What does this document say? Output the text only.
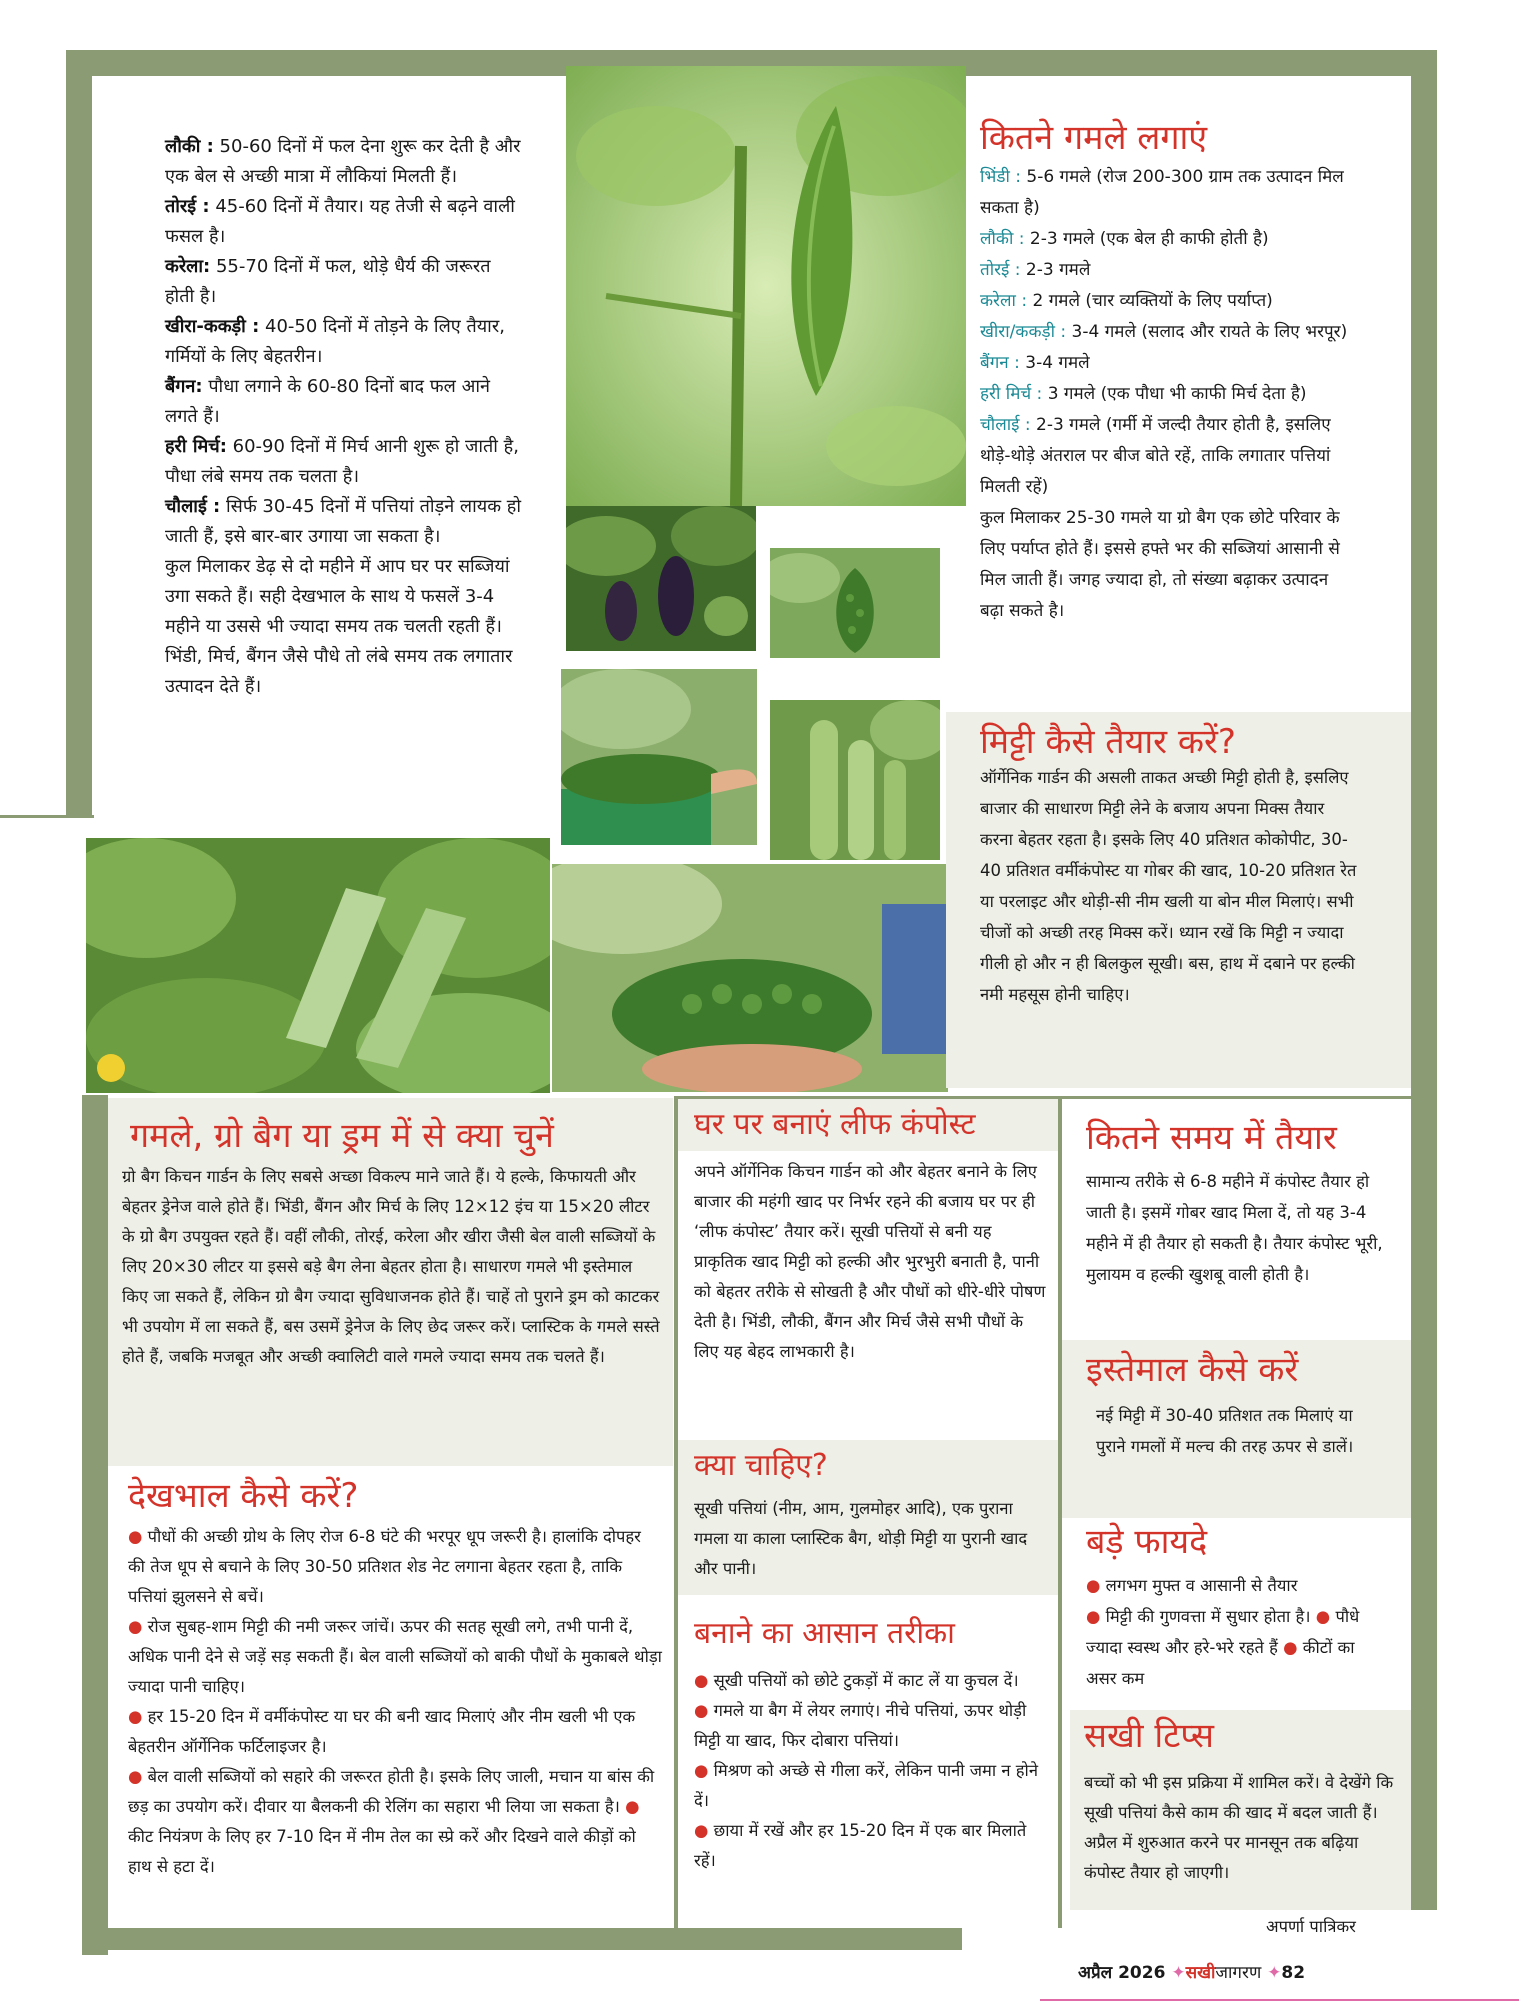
लौकी : 50-60 दिनों में फल देना शुरू कर देती है और एक बेल से अच्छी मात्रा में लौकियां मिलती हैं।

तोरई : 45-60 दिनों में तैयार। यह तेजी से बढ़ने वाली फसल है।

करेला: 55-70 दिनों में फल, थोड़े धैर्य की जरूरत होती है।

खीरा-ककड़ी : 40-50 दिनों में तोड़ने के लिए तैयार, गर्मियों के लिए बेहतरीन।

बैंगन: पौधा लगाने के 60-80 दिनों बाद फल आने लगते हैं।

हरी मिर्च: 60-90 दिनों में मिर्च आनी शुरू हो जाती है, पौधा लंबे समय तक चलता है।

चौलाई : सिर्फ 30-45 दिनों में पत्तियां तोड़ने लायक हो जाती हैं, इसे बार-बार उगाया जा सकता है।

कुल मिलाकर डेढ़ से दो महीने में आप घर पर सब्जियां उगा सकते हैं। सही देखभाल के साथ ये फसलें 3-4 महीने या उससे भी ज्यादा समय तक चलती रहती हैं। भिंडी, मिर्च, बैंगन जैसे पौधे तो लंबे समय तक लगातार उत्पादन देते हैं।

कितने गमले लगाएं

भिंडी : 5-6 गमले (रोज 200-300 ग्राम तक उत्पादन मिल सकता है)

लौकी : 2-3 गमले (एक बेल ही काफी होती है)

तोरई : 2-3 गमले

करेला : 2 गमले (चार व्यक्तियों के लिए पर्याप्त)

खीरा/ककड़ी : 3-4 गमले (सलाद और रायते के लिए भरपूर)

बैंगन : 3-4 गमले

हरी मिर्च : 3 गमले (एक पौधा भी काफी मिर्च देता है)

चौलाई : 2-3 गमले (गर्मी में जल्दी तैयार होती है, इसलिए थोड़े-थोड़े अंतराल पर बीज बोते रहें, ताकि लगातार पत्तियां मिलती रहें)

कुल मिलाकर 25-30 गमले या ग्रो बैग एक छोटे परिवार के लिए पर्याप्त होते हैं। इससे हफ्ते भर की सब्जियां आसानी से मिल जाती हैं। जगह ज्यादा हो, तो संख्या बढ़ाकर उत्पादन बढ़ा सकते है।

मिट्टी कैसे तैयार करें?

ऑर्गेनिक गार्डन की असली ताकत अच्छी मिट्टी होती है, इसलिए बाजार की साधारण मिट्टी लेने के बजाय अपना मिक्स तैयार करना बेहतर रहता है। इसके लिए 40 प्रतिशत कोकोपीट, 30-40 प्रतिशत वर्मीकंपोस्ट या गोबर की खाद, 10-20 प्रतिशत रेत या परलाइट और थोड़ी-सी नीम खली या बोन मील मिलाएं। सभी चीजों को अच्छी तरह मिक्स करें। ध्यान रखें कि मिट्टी न ज्यादा गीली हो और न ही बिलकुल सूखी। बस, हाथ में दबाने पर हल्की नमी महसूस होनी चाहिए।

गमले, ग्रो बैग या ड्रम में से क्या चुनें

ग्रो बैग किचन गार्डन के लिए सबसे अच्छा विकल्प माने जाते हैं। ये हल्के, किफायती और बेहतर ड्रेनेज वाले होते हैं। भिंडी, बैंगन और मिर्च के लिए 12×12 इंच या 15×20 लीटर के ग्रो बैग उपयुक्त रहते हैं। वहीं लौकी, तोरई, करेला और खीरा जैसी बेल वाली सब्जियों के लिए 20×30 लीटर या इससे बड़े बैग लेना बेहतर होता है। साधारण गमले भी इस्तेमाल किए जा सकते हैं, लेकिन ग्रो बैग ज्यादा सुविधाजनक होते हैं। चाहें तो पुराने ड्रम को काटकर भी उपयोग में ला सकते हैं, बस उसमें ड्रेनेज के लिए छेद जरूर करें। प्लास्टिक के गमले सस्ते होते हैं, जबकि मजबूत और अच्छी क्वालिटी वाले गमले ज्यादा समय तक चलते हैं।

देखभाल कैसे करें?

● पौधों की अच्छी ग्रोथ के लिए रोज 6-8 घंटे की भरपूर धूप जरूरी है। हालांकि दोपहर की तेज धूप से बचाने के लिए 30-50 प्रतिशत शेड नेट लगाना बेहतर रहता है, ताकि पत्तियां झुलसने से बचें।

● रोज सुबह-शाम मिट्टी की नमी जरूर जांचें। ऊपर की सतह सूखी लगे, तभी पानी दें, अधिक पानी देने से जड़ें सड़ सकती हैं। बेल वाली सब्जियों को बाकी पौधों के मुकाबले थोड़ा ज्यादा पानी चाहिए।

● हर 15-20 दिन में वर्मीकंपोस्ट या घर की बनी खाद मिलाएं और नीम खली भी एक बेहतरीन ऑर्गेनिक फर्टिलाइजर है।

● बेल वाली सब्जियों को सहारे की जरूरत होती है। इसके लिए जाली, मचान या बांस की छड़ का उपयोग करें। दीवार या बैलकनी की रेलिंग का सहारा भी लिया जा सकता है। ● कीट नियंत्रण के लिए हर 7-10 दिन में नीम तेल का स्प्रे करें और दिखने वाले कीड़ों को हाथ से हटा दें।

घर पर बनाएं लीफ कंपोस्ट

अपने ऑर्गेनिक किचन गार्डन को और बेहतर बनाने के लिए बाजार की महंगी खाद पर निर्भर रहने की बजाय घर पर ही ‘लीफ कंपोस्ट’ तैयार करें। सूखी पत्तियों से बनी यह प्राकृतिक खाद मिट्टी को हल्की और भुरभुरी बनाती है, पानी को बेहतर तरीके से सोखती है और पौधों को धीरे-धीरे पोषण देती है। भिंडी, लौकी, बैंगन और मिर्च जैसे सभी पौधों के लिए यह बेहद लाभकारी है।

क्या चाहिए?

सूखी पत्तियां (नीम, आम, गुलमोहर आदि), एक पुराना गमला या काला प्लास्टिक बैग, थोड़ी मिट्टी या पुरानी खाद और पानी।

बनाने का आसान तरीका

● सूखी पत्तियों को छोटे टुकड़ों में काट लें या कुचल दें।

● गमले या बैग में लेयर लगाएं। नीचे पत्तियां, ऊपर थोड़ी मिट्टी या खाद, फिर दोबारा पत्तियां।

● मिश्रण को अच्छे से गीला करें, लेकिन पानी जमा न होने दें।

● छाया में रखें और हर 15-20 दिन में एक बार मिलाते रहें।

कितने समय में तैयार

सामान्य तरीके से 6-8 महीने में कंपोस्ट तैयार हो जाती है। इसमें गोबर खाद मिला दें, तो यह 3-4 महीने में ही तैयार हो सकती है। तैयार कंपोस्ट भूरी, मुलायम व हल्की खुशबू वाली होती है।

इस्तेमाल कैसे करें

नई मिट्टी में 30-40 प्रतिशत तक मिलाएं या पुराने गमलों में मल्च की तरह ऊपर से डालें।

बड़े फायदे

● लगभग मुफ्त व आसानी से तैयार

● मिट्टी की गुणवत्ता में सुधार होता है। ● पौधे ज्यादा स्वस्थ और हरे-भरे रहते हैं ● कीटों का असर कम

सखी टिप्स

बच्चों को भी इस प्रक्रिया में शामिल करें। वे देखेंगे कि सूखी पत्तियां कैसे काम की खाद में बदल जाती हैं। अप्रैल में शुरुआत करने पर मानसून तक बढ़िया कंपोस्ट तैयार हो जाएगी।

अपर्णा पात्रिकर
अप्रैल 2026 ✦सखीजागरण ✦82
